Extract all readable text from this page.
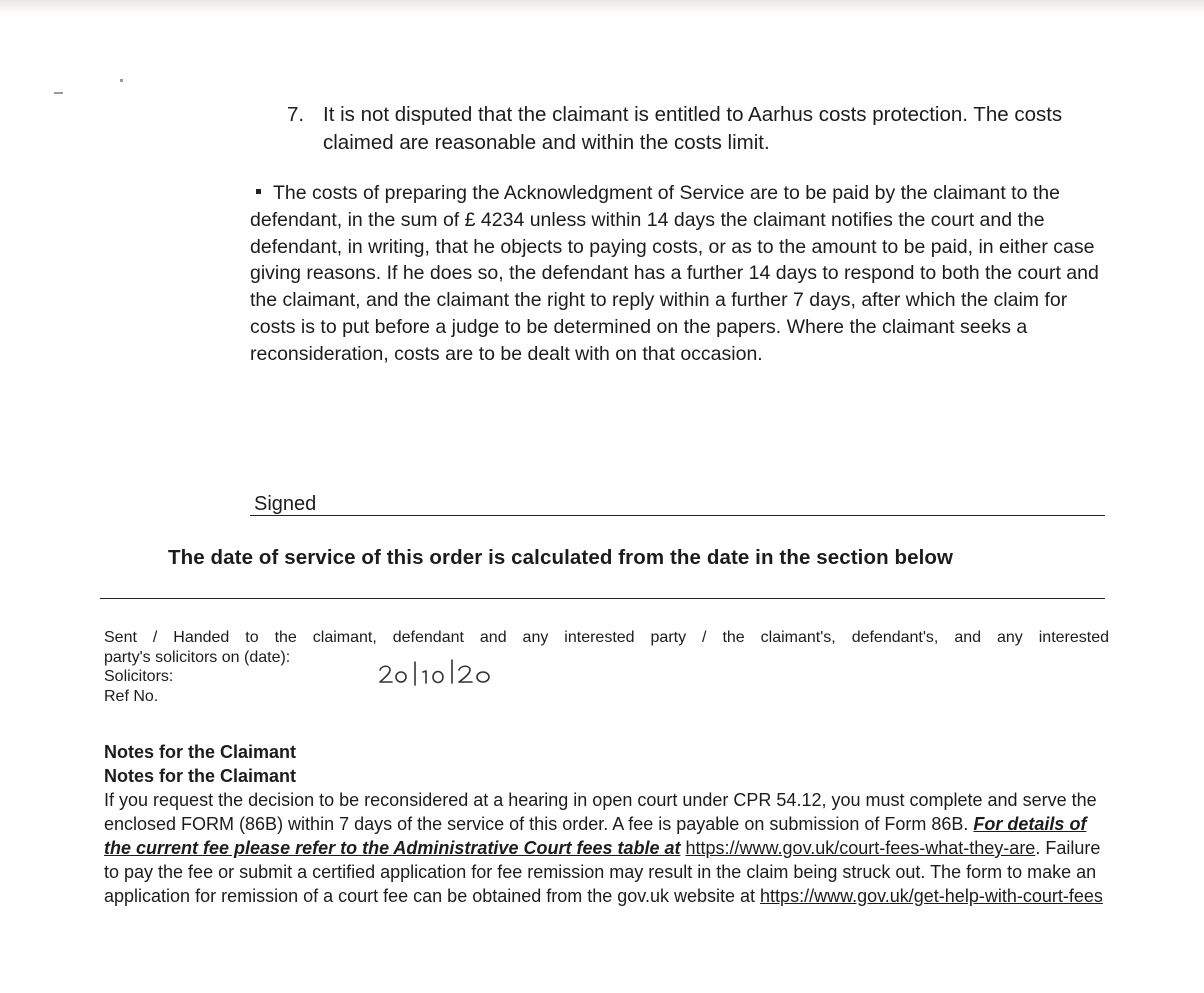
7. It is not disputed that the claimant is entitled to Aarhus costs protection. The costs claimed are reasonable and within the costs limit.
The costs of preparing the Acknowledgment of Service are to be paid by the claimant to the defendant, in the sum of £ 4234 unless within 14 days the claimant notifies the court and the defendant, in writing, that he objects to paying costs, or as to the amount to be paid, in either case giving reasons. If he does so, the defendant has a further 14 days to respond to both the court and the claimant, and the claimant the right to reply within a further 7 days, after which the claim for costs is to put before a judge to be determined on the papers. Where the claimant seeks a reconsideration, costs are to be dealt with on that occasion.
Signed
The date of service of this order is calculated from the date in the section below
Sent / Handed to the claimant, defendant and any interested party / the claimant's, defendant's, and any interested
party's solicitors on (date):
Solicitors:
Ref No.
Notes for the Claimant
Notes for the Claimant
If you request the decision to be reconsidered at a hearing in open court under CPR 54.12, you must complete and serve the enclosed FORM (86B) within 7 days of the service of this order. A fee is payable on submission of Form 86B. For details of the current fee please refer to the Administrative Court fees table at https://www.gov.uk/court-fees-what-they-are. Failure to pay the fee or submit a certified application for fee remission may result in the claim being struck out. The form to make an application for remission of a court fee can be obtained from the gov.uk website at https://www.gov.uk/get-help-with-court-fees
